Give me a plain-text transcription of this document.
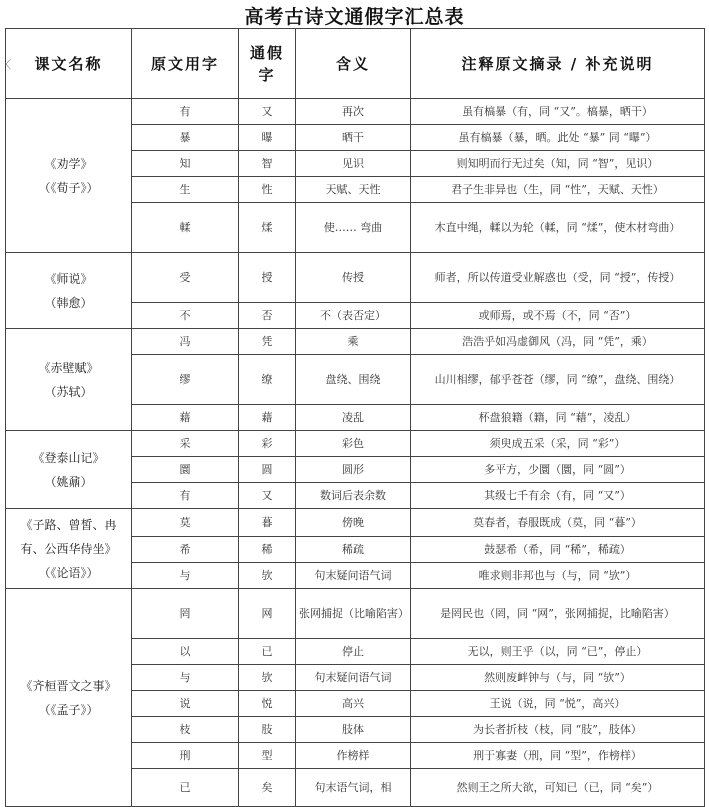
高考古诗文通假字汇总表
〈 课文名称	原文用字	通假字	含义	注释原文摘录 / 补充说明

《劝学》
（《荀子》）	有	又	再次	虽有槁暴（有，同 “又”。槁暴，晒干）
	暴	曝	晒干	虽有槁暴（暴，晒。此处 “暴” 同 “曝”）
	知	智	见识	则知明而行无过矣（知，同 “智”，见识）
	生	性	天赋、天性	君子生非异也（生，同 “性”，天赋、天性）
	輮	煣	使…… 弯曲	木直中绳，輮以为轮（輮，同 “煣”，使木材弯曲）

《师说》
（韩愈）	受	授	传授	师者，所以传道受业解惑也（受，同 “授”，传授）
	不	否	不（表否定）	或师焉，或不焉（不，同 “否”）

《赤壁赋》
（苏轼）	冯	凭	乘	浩浩乎如冯虚御风（冯，同 “凭”，乘）
	缪	缭	盘绕、围绕	山川相缪，郁乎苍苍（缪，同 “缭”，盘绕、围绕）
	藉	藉	凌乱	杯盘狼籍（籍，同 “藉”，凌乱）

《登泰山记》
（姚鼐）	采	彩	彩色	须臾成五采（采，同 “彩”）
	圜	圆	圆形	多平方，少圜（圜，同 “圆”）
	有	又	数词后表余数	其级七千有余（有，同 “又”）

《子路、曾皙、冉有、公西华侍坐》
（《论语》）	莫	暮	傍晚	莫春者，春服既成（莫，同 “暮”）
	希	稀	稀疏	鼓瑟希（希，同 “稀”，稀疏）
	与	欤	句末疑问语气词	唯求则非邦也与（与，同 “欤”）

《齐桓晋文之事》
（《孟子》）	罔	网	张网捕捉（比喻陷害）	是罔民也（罔，同 “网”，张网捕捉，比喻陷害）
	以	已	停止	无以，则王乎（以，同 “已”，停止）
	与	欤	句末疑问语气词	然则废衅钟与（与，同 “欤”）
	说	悦	高兴	王说（说，同 “悦”，高兴）
	枝	肢	肢体	为长者折枝（枝，同 “肢”，肢体）
	刑	型	作榜样	刑于寡妻（刑，同 “型”，作榜样）
	已	矣	句末语气词，相	然则王之所大欲，可知已（已，同 “矣”）
